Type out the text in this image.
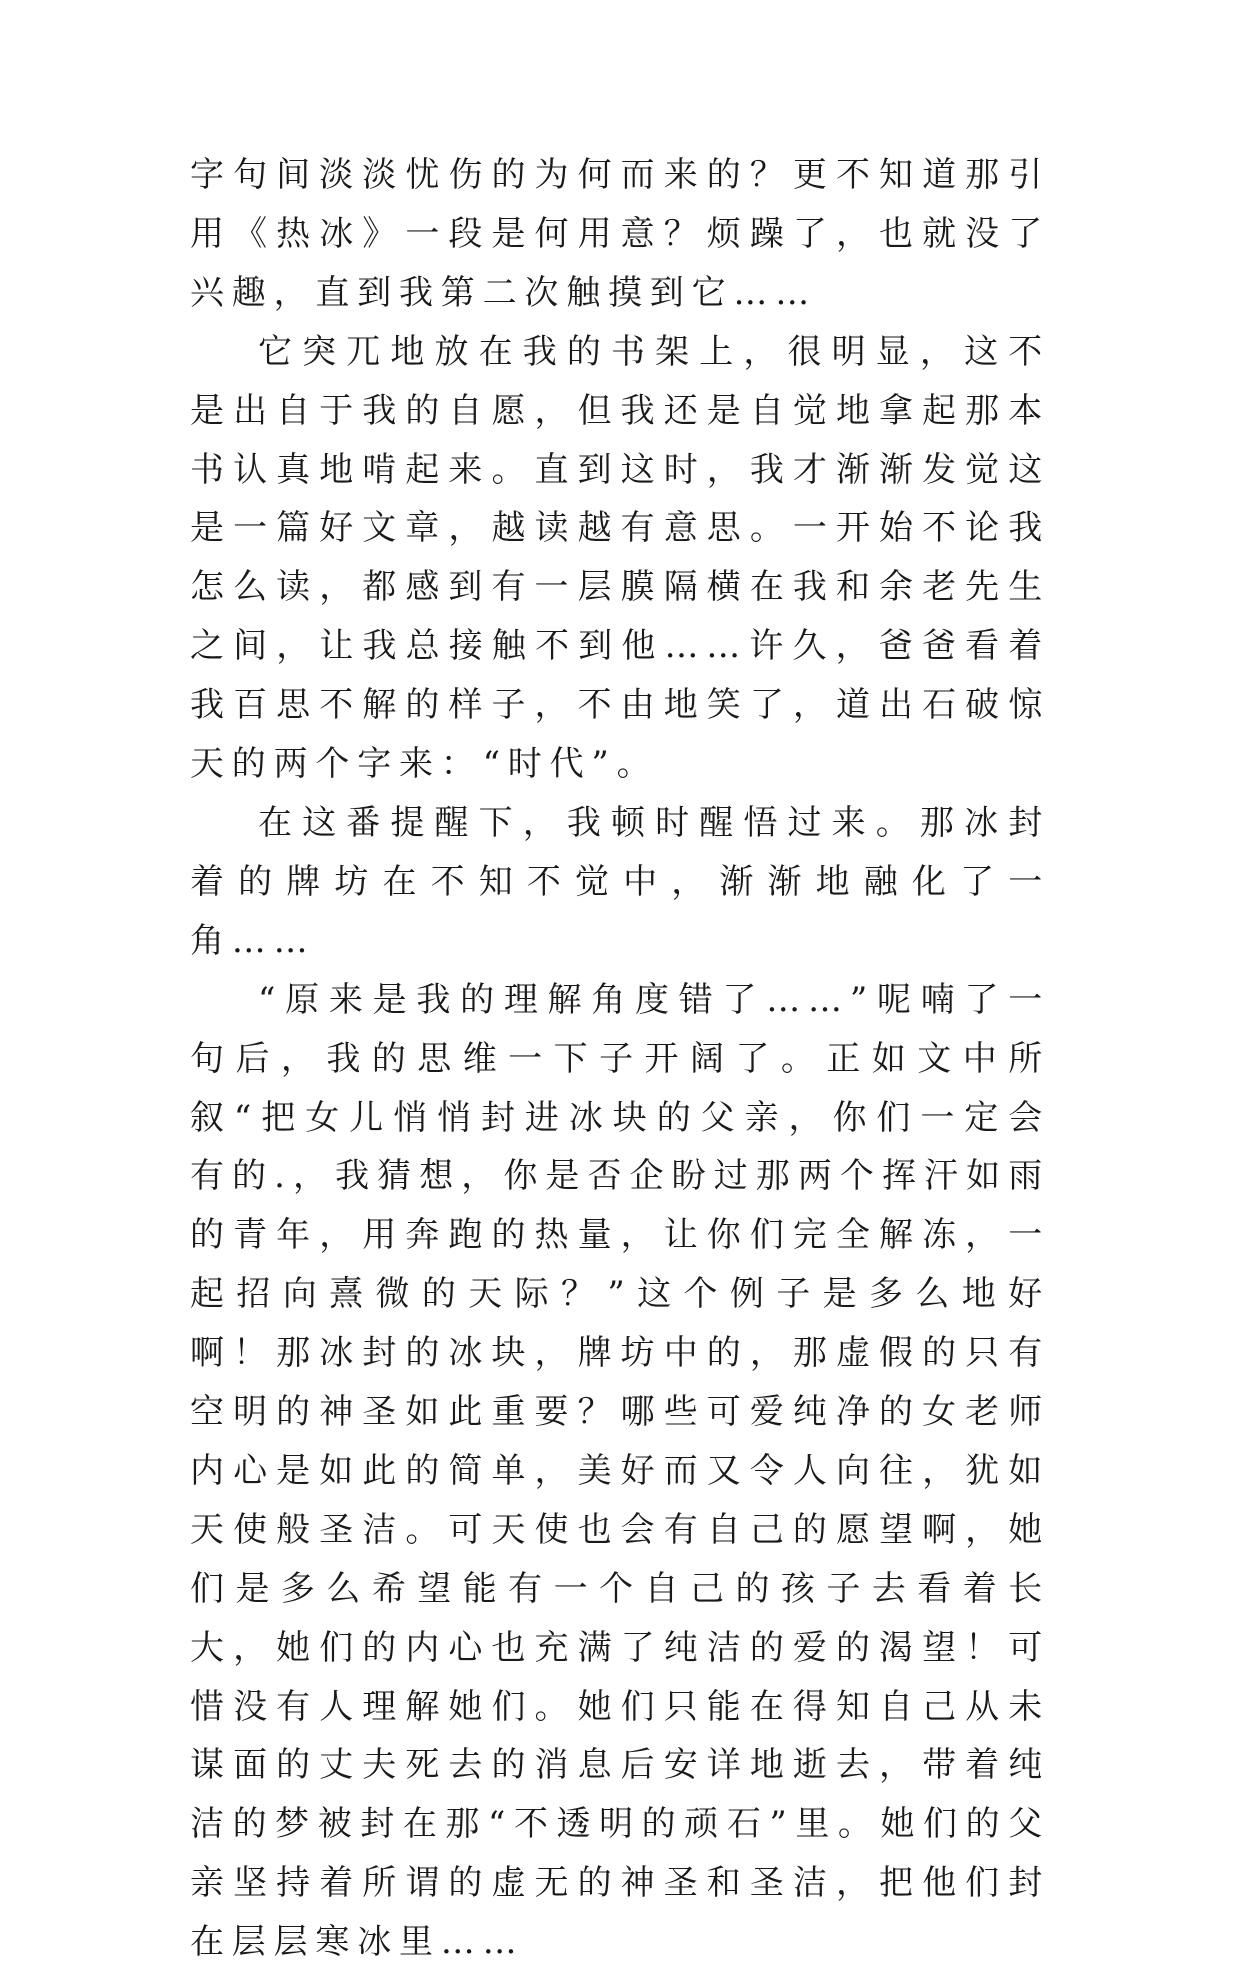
字句间淡淡忧伤的为何而来的？更不知道那引用《热冰》一段是何用意？烦躁了，也就没了兴趣，直到我第二次触摸到它……

它突兀地放在我的书架上，很明显，这不是出自于我的自愿，但我还是自觉地拿起那本书认真地啃起来。直到这时，我才渐渐发觉这是一篇好文章，越读越有意思。一开始不论我怎么读，都感到有一层膜隔横在我和余老先生之间，让我总接触不到他……许久，爸爸看着我百思不解的样子，不由地笑了，道出石破惊天的两个字来：“时代”。

在这番提醒下，我顿时醒悟过来。那冰封着的牌坊在不知不觉中，渐渐地融化了一角……

“原来是我的理解角度错了……”呢喃了一句后，我的思维一下子开阔了。正如文中所叙“把女儿悄悄封进冰块的父亲，你们一定会有的.，我猜想，你是否企盼过那两个挥汗如雨的青年，用奔跑的热量，让你们完全解冻，一起招向熹微的天际？”这个例子是多么地好啊！那冰封的冰块，牌坊中的，那虚假的只有空明的神圣如此重要？哪些可爱纯净的女老师内心是如此的简单，美好而又令人向往，犹如天使般圣洁。可天使也会有自己的愿望啊，她们是多么希望能有一个自己的孩子去看着长大，她们的内心也充满了纯洁的爱的渴望！可惜没有人理解她们。她们只能在得知自己从未谋面的丈夫死去的消息后安详地逝去，带着纯洁的梦被封在那“不透明的顽石”里。她们的父亲坚持着所谓的虚无的神圣和圣洁，把他们封在层层寒冰里……
